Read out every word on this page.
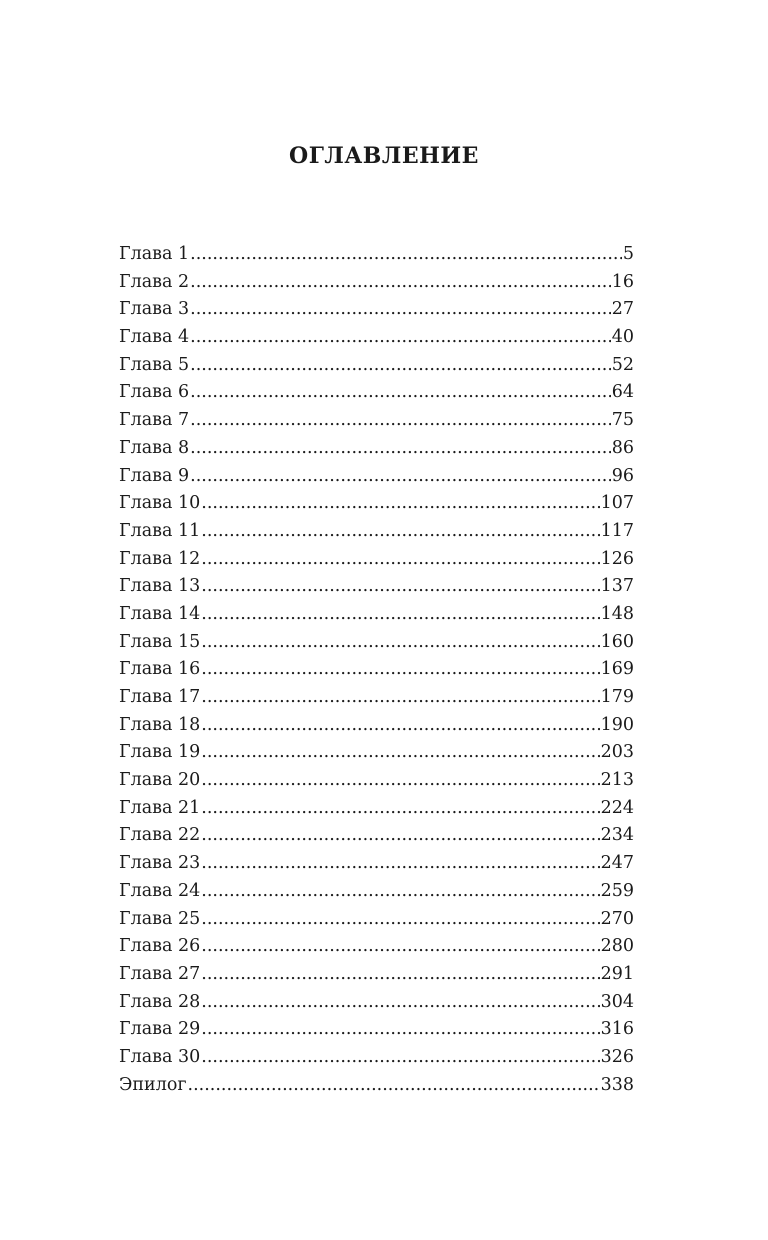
ОГЛАВЛЕНИЕ
Глава 1 .....	5
Глава 2 .....	16
Глава 3 .....	27
Глава 4 .....	40
Глава 5 .....	52
Глава 6 .....	64
Глава 7 .....	75
Глава 8 .....	86
Глава 9 .....	96
Глава 10 .....	107
Глава 11 .....	117
Глава 12 .....	126
Глава 13 .....	137
Глава 14 .....	148
Глава 15 .....	160
Глава 16 .....	169
Глава 17 .....	179
Глава 18 .....	190
Глава 19 .....	203
Глава 20 .....	213
Глава 21 .....	224
Глава 22 .....	234
Глава 23 .....	247
Глава 24 .....	259
Глава 25 .....	270
Глава 26 .....	280
Глава 27 .....	291
Глава 28 .....	304
Глава 29 .....	316
Глава 30 .....	326
Эпилог .....	338
